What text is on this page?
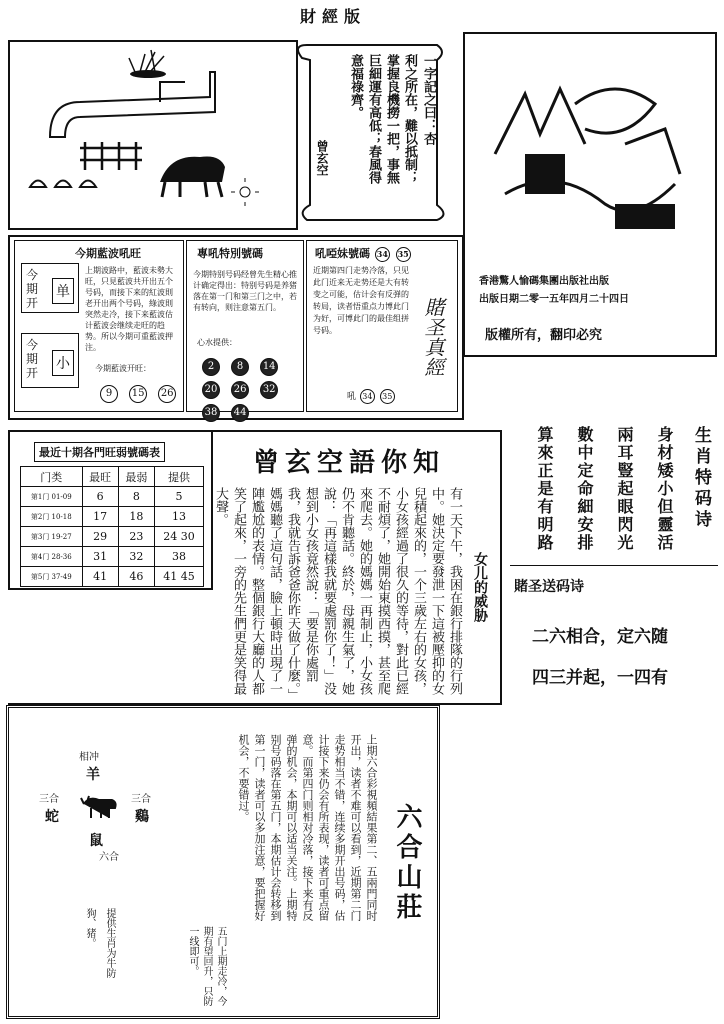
財經版
一字記之曰：杏
利之所在，難以抵制；掌握良機撈一把，事無巨細運有高低；春風得意福祿齊。
曾玄空
香港驚人愉碼集團出版社出版
出版日期二零一五年四月二十四日
版權所有，翻印必究
今期藍波吼旺
今期开
单
今期开
小
上期波路中，藍波未勢大旺，只見藍波共开出五个号码，而接下来的紅波則老开出两个号码，綠波則突然走冷，接下来藍波估计藍波会继续走旺的趋势。所以今期可重藍波押注。
今期藍波开旺：
9 15 26
專吼特別號碼
今期特别号码经曾先生精心推计确定得出：特别号码是养猪落在第一门和第三门之中，若有转向，则注意第五门。
心水提供：
2 8 14 20 26 32 38 44
吼啞妹號碼 34 35
近期第四门走势冷落，只见此门近来无走势还是大有转变之可能，估计会有反弹的转局，读者悟重点力博此门为好，可博此门的最佳组拼号码。
吼 34 35
賭圣真經
最近十期各門旺弱號碼表
门类	最旺	最弱	提供
第1门 01-09	6	8	5
第2门 10-18	17	18	13
第3门 19-27	29	23	24 30
第4门 28-36	31	32	38
第5门 37-49	41	46	41 45
曾玄空語你知
女儿的威胁
有一天下午，我困在銀行排隊的行列中。她決定要發泄一下這被壓抑的女兒積起來的，一个三歲左右的女孩，小女孩經過了很久的等待，對此已經不耐煩了，她開始東摸西摸，甚至爬來爬去。她的媽媽一再制止，小女孩仍不肯聽話。終於，母親生氣了，她說：「再這樣我就要處罰你了！」没想到小女孩竟然說：「要是你處罰我，我就告訴爸爸你昨天做了什麼。」媽媽聽了這句話，臉上頓時出現了一陣尷尬的表情。整個銀行大廳的人都笑了起來，一旁的先生們更是笑得最大聲。	生肖特码诗
身材矮小但靈活
兩耳豎起眼閃光
數中定命細安排
算來正是有明路
賭圣送码诗
二六相合，定六随
四三并起，一四有
相冲
羊
三合
蛇
三合
鷄
鼠
六合	六合山莊
上期六合彩視頻結果第二、五兩門同时开出，读者不难可以看到，近期第二门走势相当不错，连续多期开出号码，估计接下来仍会有所表现，读者可重点留意。而第四门则相对冷落，接下来有反弹的机会，本期可以适当关注。上期特别号码落在第五门，本期估计会转移到第一门，读者可以多加注意，要把握好机会，不要错过。
五门上期走冷，今期有望回升，只防一线即可。
提供生肖为牛防狗、猪。
